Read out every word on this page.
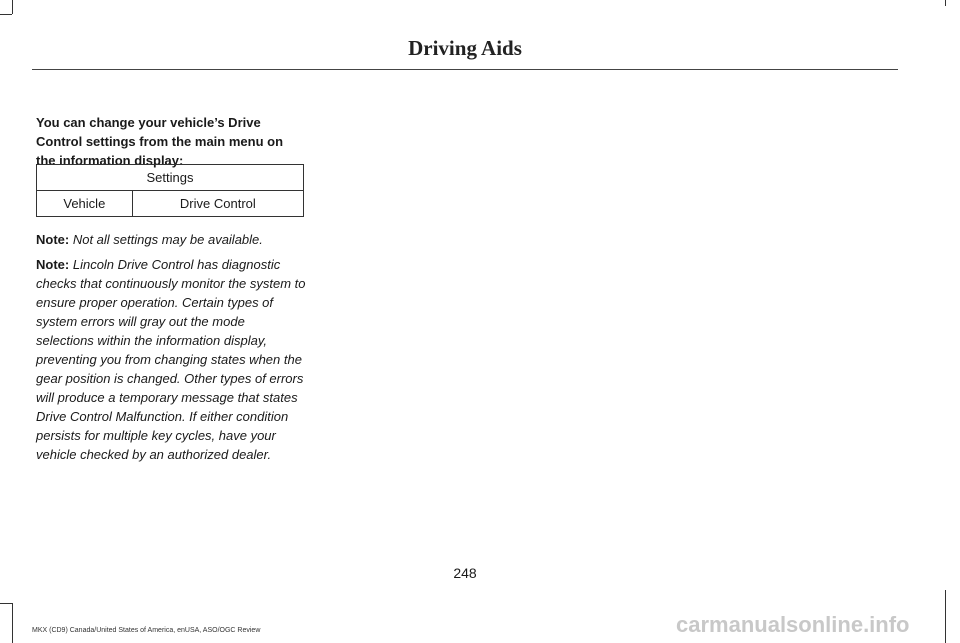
Driving Aids
You can change your vehicle’s Drive Control settings from the main menu on the information display:
Settings
Vehicle	Drive Control
Note: Not all settings may be available.
Note: Lincoln Drive Control has diagnostic checks that continuously monitor the system to ensure proper operation. Certain types of system errors will gray out the mode selections within the information display, preventing you from changing states when the gear position is changed. Other types of errors will produce a temporary message that states Drive Control Malfunction. If either condition persists for multiple key cycles, have your vehicle checked by an authorized dealer.
248
MKX (CD9) Canada/United States of America, enUSA, ASO/OGC Review	carmanualsonline.info
